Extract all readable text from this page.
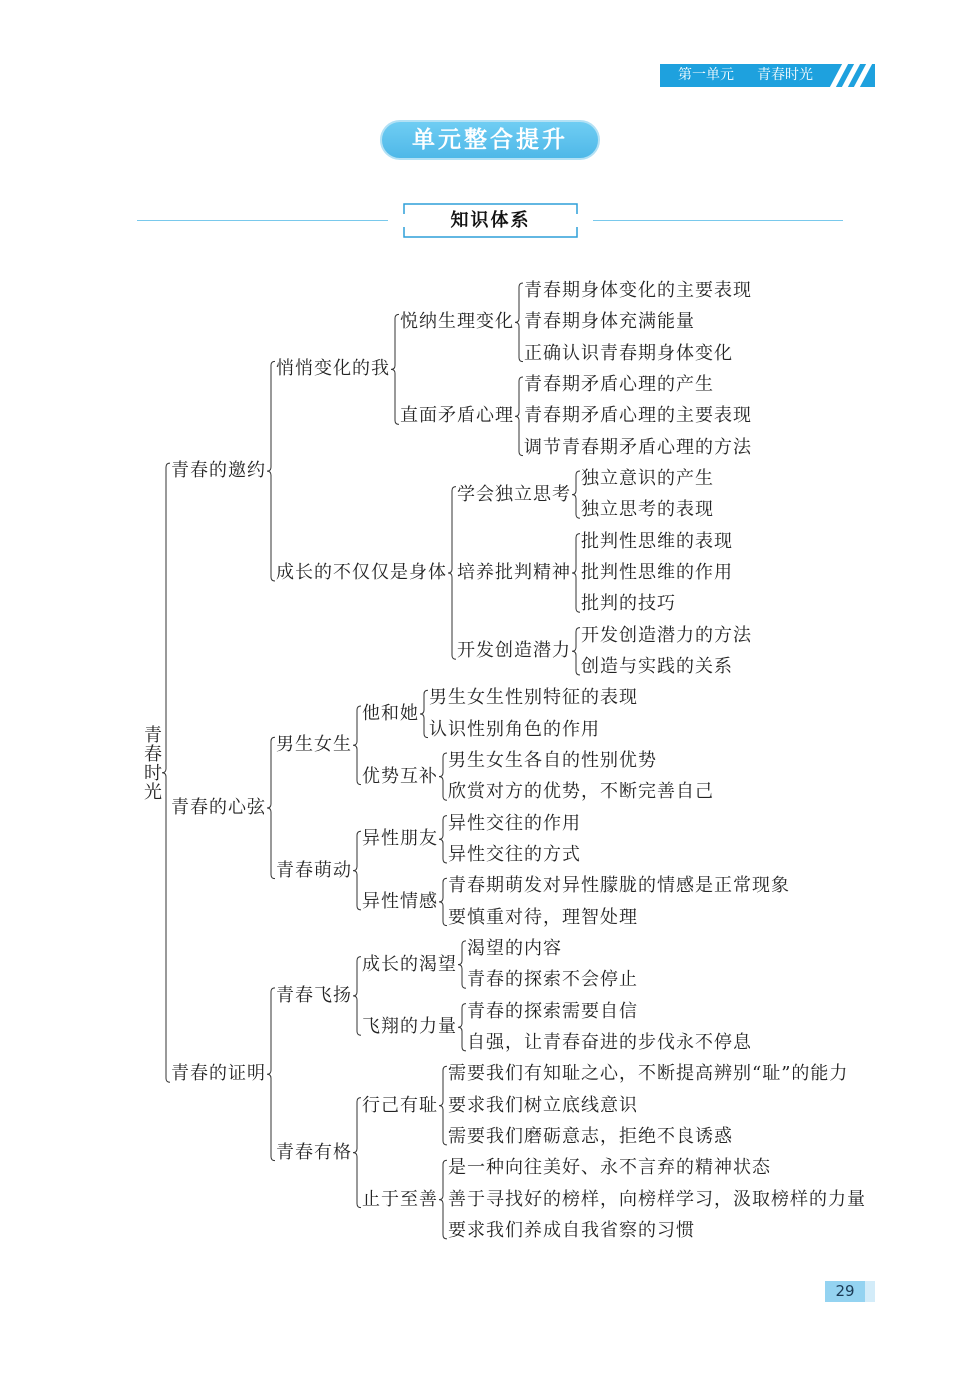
第一单元 青春时光
单元整合提升
知识体系
青春时光
青春的邀约
悄悄变化的我
悦纳生理变化
青春期身体变化的主要表现
青春期身体充满能量
正确认识青春期身体变化
直面矛盾心理
青春期矛盾心理的产生
青春期矛盾心理的主要表现
调节青春期矛盾心理的方法
成长的不仅仅是身体
学会独立思考
独立意识的产生
独立思考的表现
培养批判精神
批判性思维的表现
批判性思维的作用
批判的技巧
开发创造潜力
开发创造潜力的方法
创造与实践的关系
青春的心弦
男生女生
他和她
男生女生性别特征的表现
认识性别角色的作用
优势互补
男生女生各自的性别优势
欣赏对方的优势，不断完善自己
青春萌动
异性朋友
异性交往的作用
异性交往的方式
异性情感
青春期萌发对异性朦胧的情感是正常现象
要慎重对待，理智处理
青春的证明
青春飞扬
成长的渴望
渴望的内容
青春的探索不会停止
飞翔的力量
青春的探索需要自信
自强，让青春奋进的步伐永不停息
青春有格
行己有耻
需要我们有知耻之心，不断提高辨别“耻”的能力
要求我们树立底线意识
需要我们磨砺意志，拒绝不良诱惑
止于至善
是一种向往美好、永不言弃的精神状态
善于寻找好的榜样，向榜样学习，汲取榜样的力量
要求我们养成自我省察的习惯
29
